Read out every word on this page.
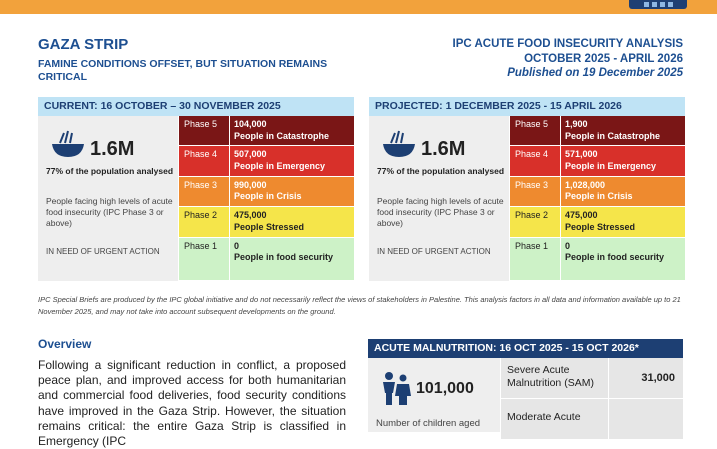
GAZA STRIP
FAMINE CONDITIONS OFFSET, BUT SITUATION REMAINS CRITICAL
IPC ACUTE FOOD INSECURITY ANALYSIS
OCTOBER 2025 - APRIL 2026
Published on 19 December 2025
CURRENT: 16 OCTOBER – 30 NOVEMBER 2025
1.6M
77% of the population analysed
People facing high levels of acute food insecurity (IPC Phase 3 or above)
IN NEED OF URGENT ACTION
Phase 5	104,000
People in Catastrophe
Phase 4	507,000
People in Emergency
Phase 3	990,000
People in Crisis
Phase 2	475,000
People Stressed
Phase 1	0
People in food security
PROJECTED: 1 DECEMBER 2025 - 15 APRIL 2026
1.6M
77% of the population analysed
People facing high levels of acute food insecurity (IPC Phase 3 or above)
IN NEED OF URGENT ACTION
Phase 5	1,900
People in Catastrophe
Phase 4	571,000
People in Emergency
Phase 3	1,028,000
People in Crisis
Phase 2	475,000
People Stressed
Phase 1	0
People in food security
IPC Special Briefs are produced by the IPC global initiative and do not necessarily reflect the views of stakeholders in Palestine. This analysis factors in all data and information available up to 21 November 2025, and may not take into account subsequent developments on the ground.
Overview
Following a significant reduction in conflict, a proposed peace plan, and improved access for both humanitarian and commercial food deliveries, food security conditions have improved in the Gaza Strip. However, the situation remains critical: the entire Gaza Strip is classified in Emergency (IPC
ACUTE MALNUTRITION: 16 OCT 2025 - 15 OCT 2026*
101,000
Number of children aged
Severe Acute Malnutrition (SAM)	31,000
Moderate Acute
